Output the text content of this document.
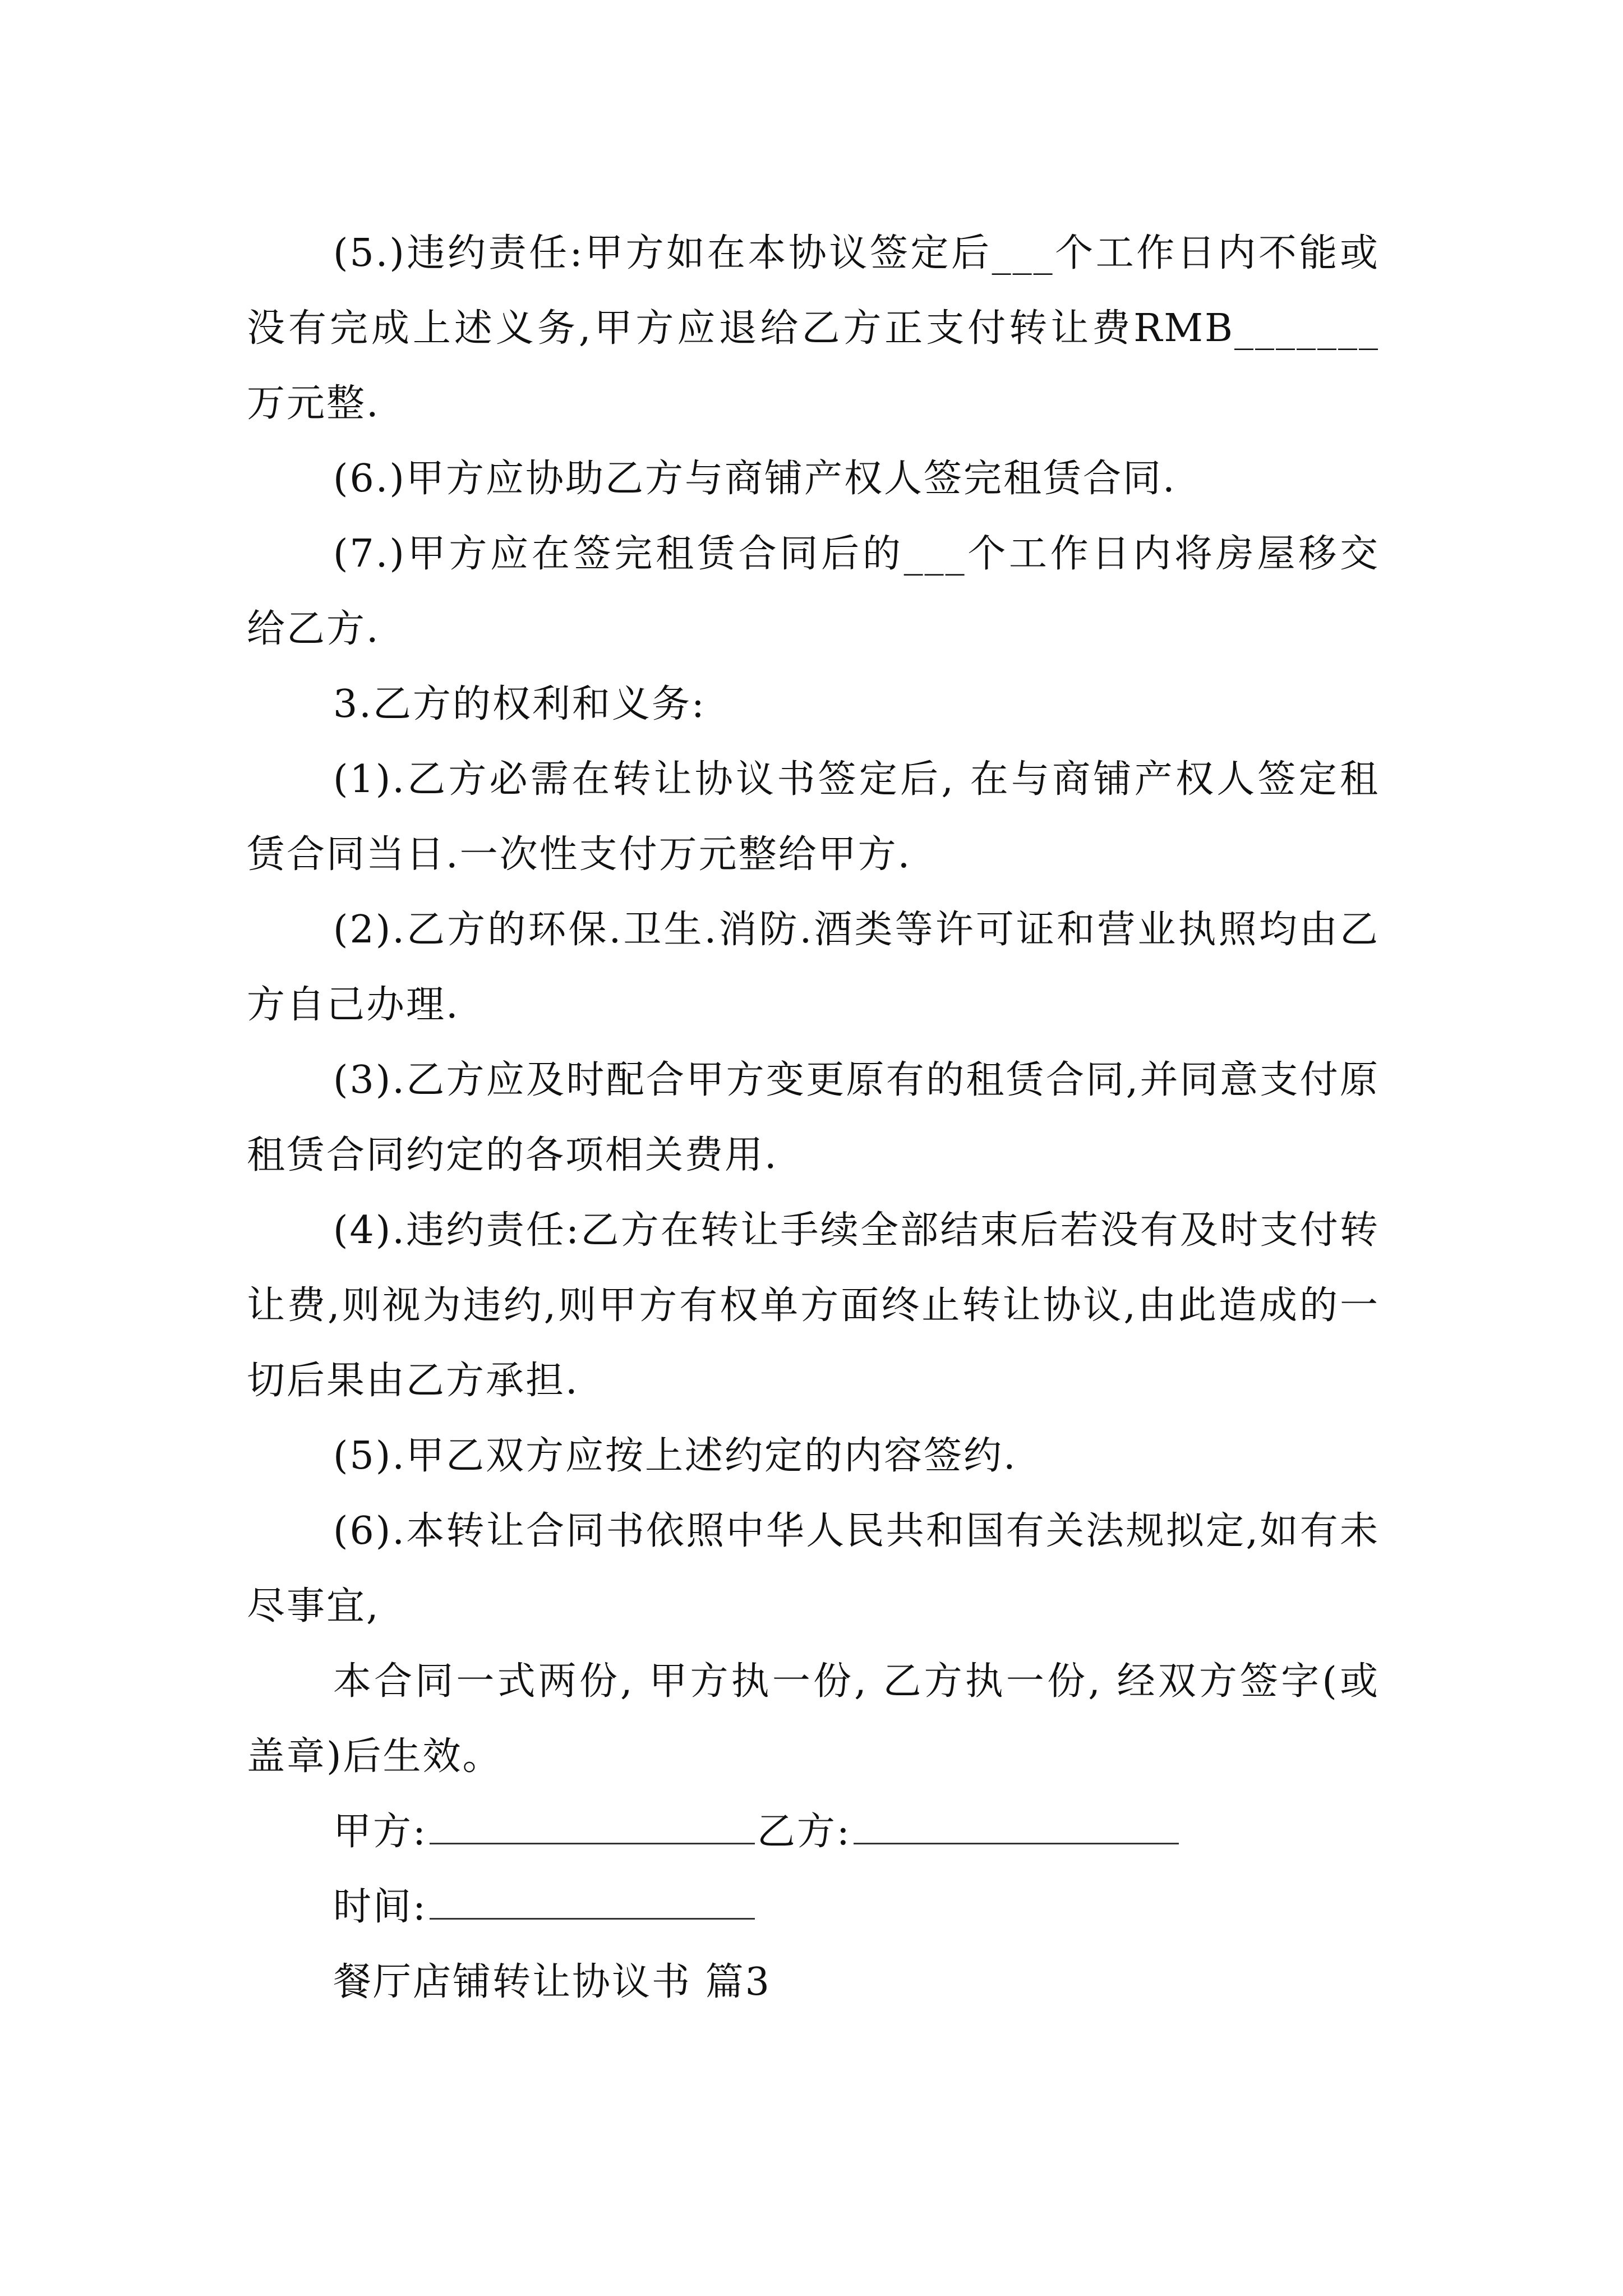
(5.)违约责任:甲方如在本协议签定后___个工作日内不能或没有完成上述义务,甲方应退给乙方正支付转让费RMB_______万元整.

(6.)甲方应协助乙方与商铺产权人签完租赁合同.

(7.)甲方应在签完租赁合同后的___个工作日内将房屋移交给乙方.

3.乙方的权利和义务:

(1).乙方必需在转让协议书签定后, 在与商铺产权人签定租赁合同当日.一次性支付万元整给甲方.

(2).乙方的环保.卫生.消防.酒类等许可证和营业执照均由乙方自己办理.

(3).乙方应及时配合甲方变更原有的租赁合同,并同意支付原租赁合同约定的各项相关费用.

(4).违约责任:乙方在转让手续全部结束后若没有及时支付转让费,则视为违约,则甲方有权单方面终止转让协议,由此造成的一切后果由乙方承担.

(5).甲乙双方应按上述约定的内容签约.

(6).本转让合同书依照中华人民共和国有关法规拟定,如有未尽事宜,

本合同一式两份, 甲方执一份, 乙方执一份, 经双方签字(或盖章)后生效。

甲方:	乙方:
时间:
餐厅店铺转让协议书 篇3
